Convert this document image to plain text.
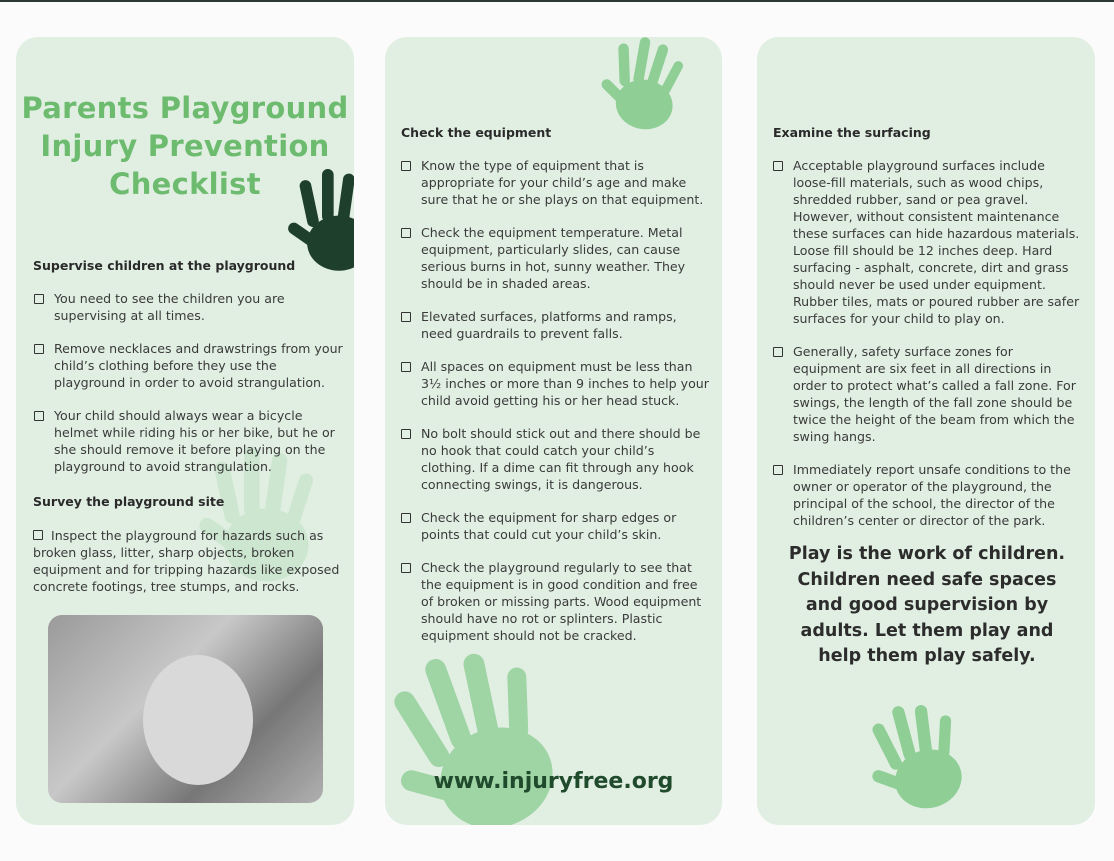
Parents Playground
Injury Prevention
Checklist
Supervise children at the playground
You need to see the children you are supervising at all times.
Remove necklaces and drawstrings from your child’s clothing before they use the playground in order to avoid strangulation.
Your child should always wear a bicycle helmet while riding his or her bike, but he or she should remove it before playing on the playground to avoid strangulation.
Survey the playground site

Inspect the playground for hazards such as broken glass, litter, sharp objects, broken equipment and for tripping hazards like exposed concrete footings, tree stumps, and rocks.

Check the equipment
Know the type of equipment that is appropriate for your child’s age and make sure that he or she plays on that equipment.
Check the equipment temperature. Metal equipment, particularly slides, can cause serious burns in hot, sunny weather. They should be in shaded areas.
Elevated surfaces, platforms and ramps, need guardrails to prevent falls.
All spaces on equipment must be less than 3½ inches or more than 9 inches to help your child avoid getting his or her head stuck.
No bolt should stick out and there should be no hook that could catch your child’s clothing. If a dime can fit through any hook connecting swings, it is dangerous.
Check the equipment for sharp edges or points that could cut your child’s skin.
Check the playground regularly to see that the equipment is in good condition and free of broken or missing parts. Wood equipment should have no rot or splinters. Plastic equipment should not be cracked.
www.injuryfree.org
Examine the surfacing
Acceptable playground surfaces include loose-fill materials, such as wood chips, shredded rubber, sand or pea gravel. However, without consistent maintenance these surfaces can hide hazardous materials. Loose fill should be 12 inches deep. Hard surfacing - asphalt, concrete, dirt and grass should never be used under equipment. Rubber tiles, mats or poured rubber are safer surfaces for your child to play on.
Generally, safety surface zones for equipment are six feet in all directions in order to protect what’s called a fall zone. For swings, the length of the fall zone should be twice the height of the beam from which the swing hangs.
Immediately report unsafe conditions to the owner or operator of the playground, the principal of the school, the director of the children’s center or director of the park.
Play is the work of children. Children need safe spaces and good supervision by adults. Let them play and help them play safely.
